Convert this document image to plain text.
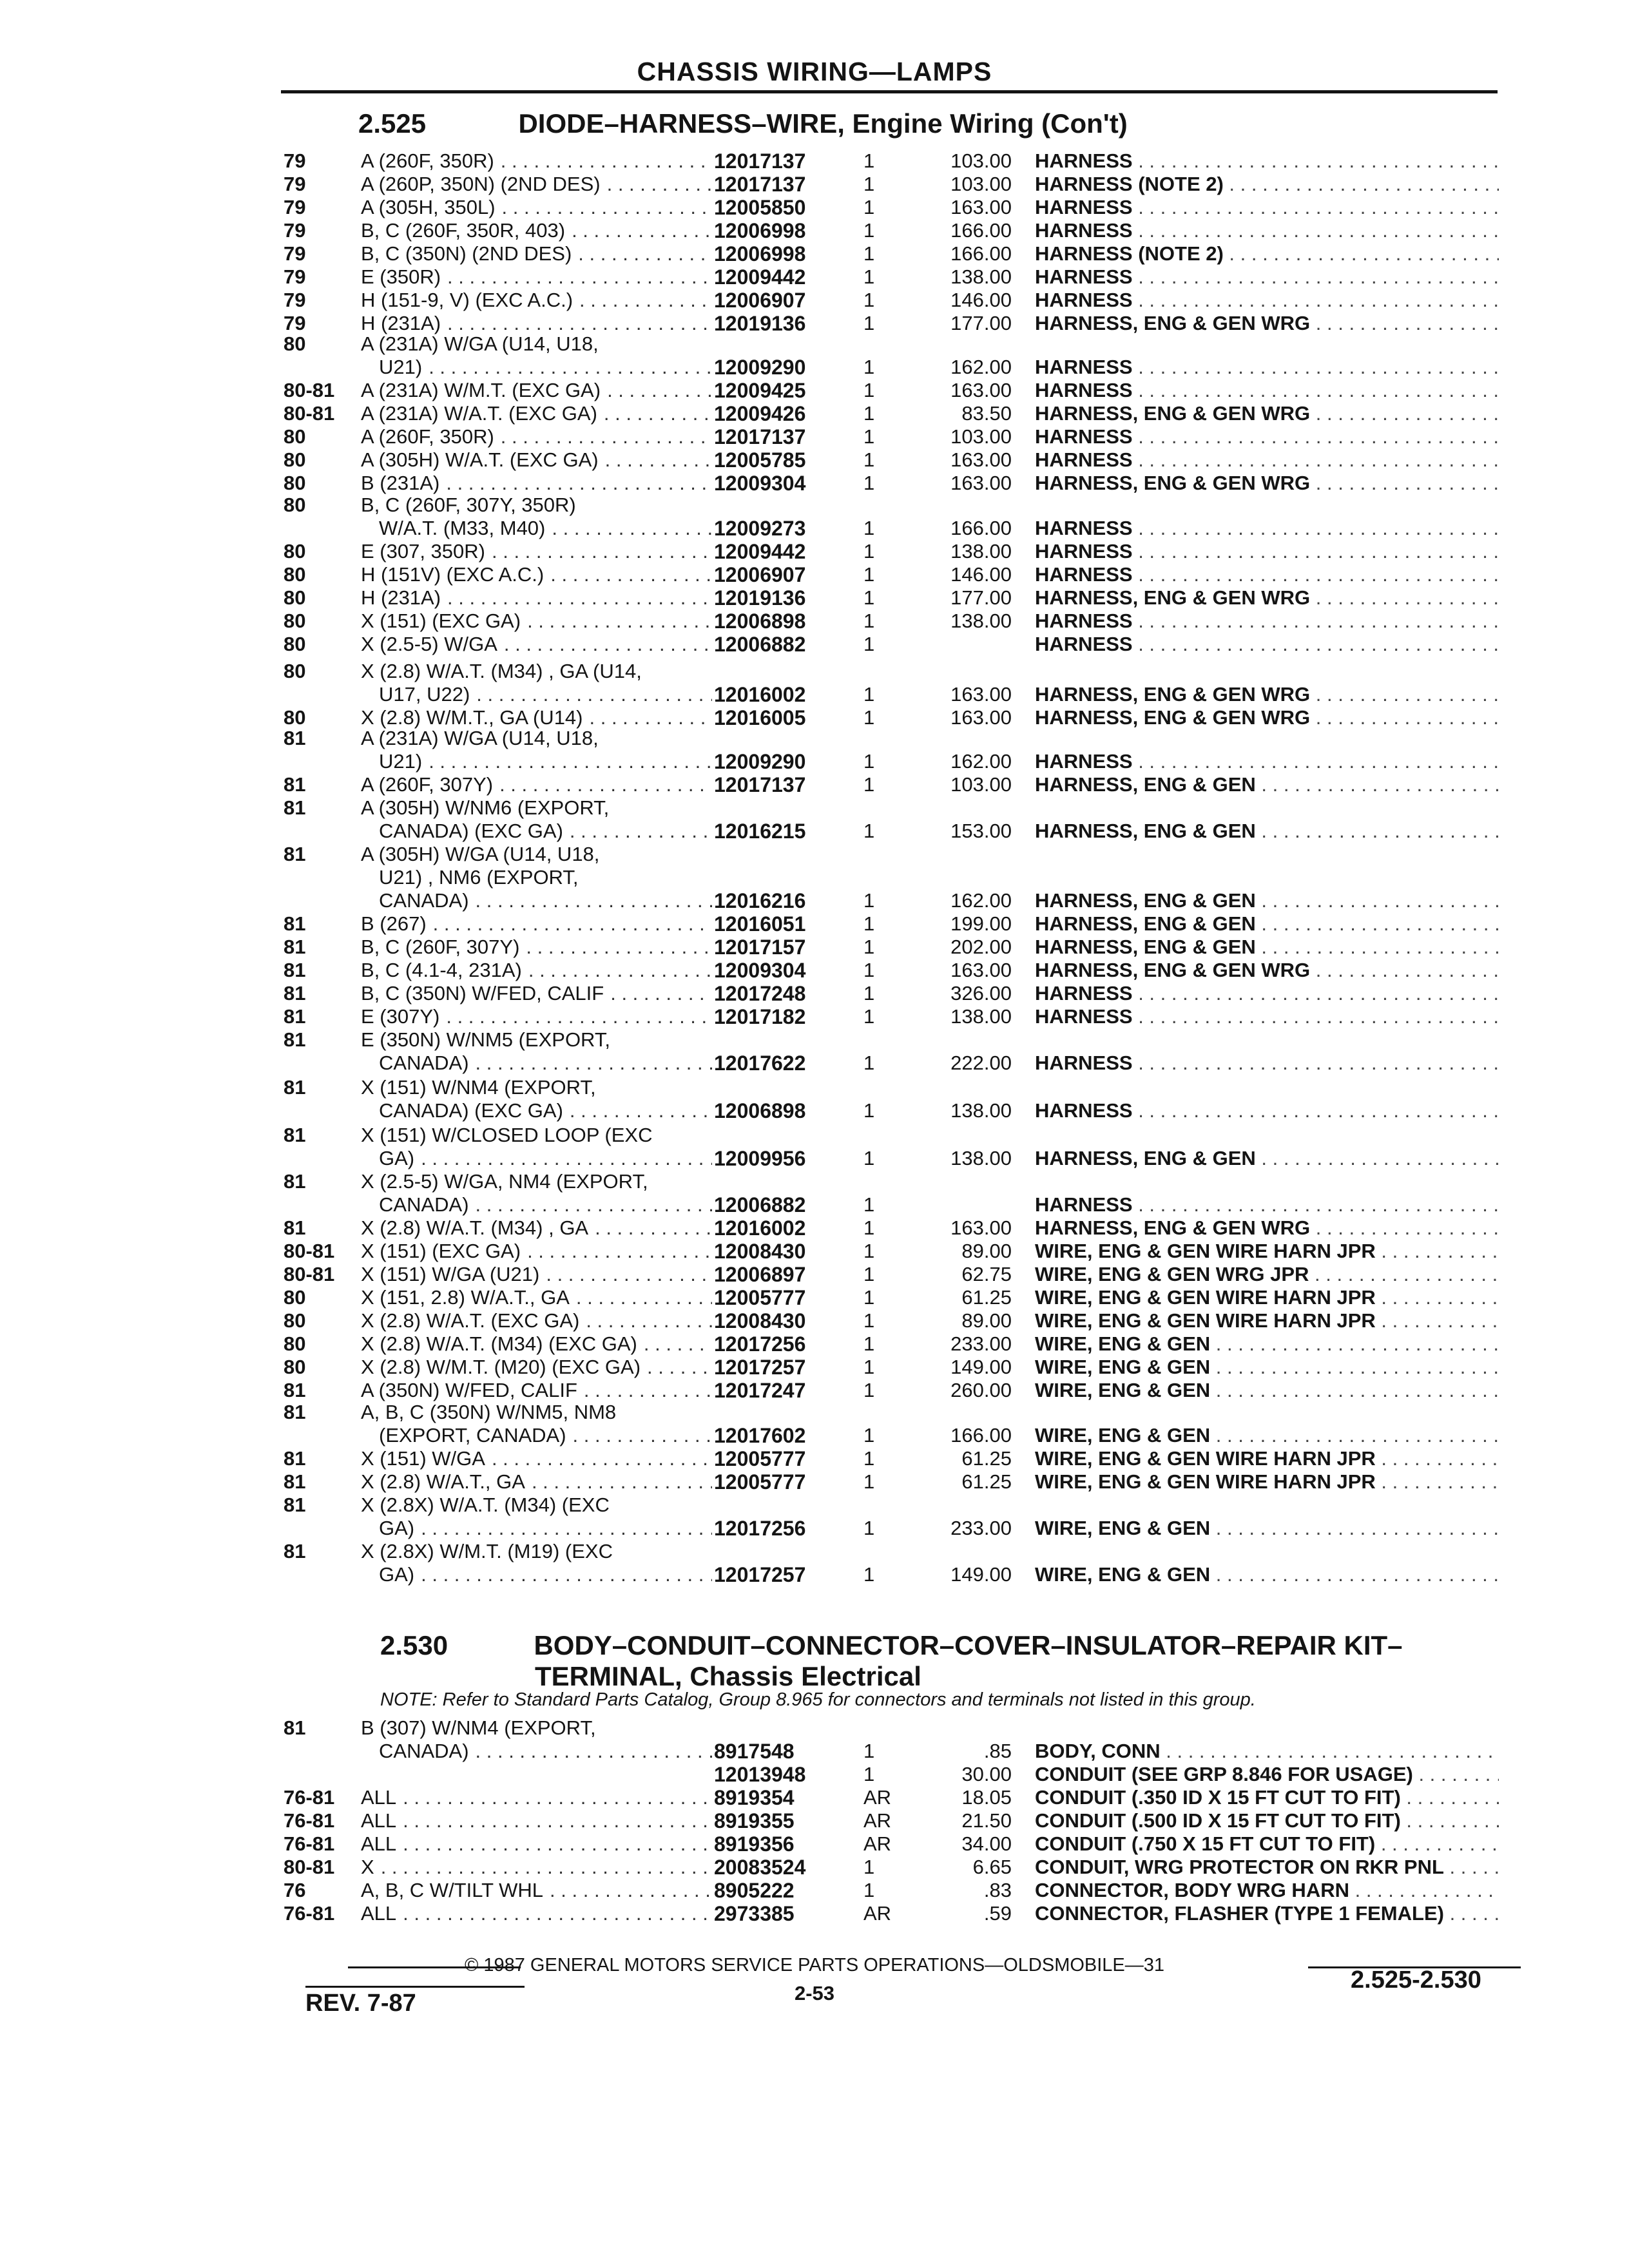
CHASSIS WIRING—LAMPS
2.525	DIODE–HARNESS–WIRE, Engine Wiring (Con't)
2.530	BODY–CONDUIT–CONNECTOR–COVER–INSULATOR–REPAIR KIT–
TERMINAL, Chassis Electrical
NOTE: Refer to Standard Parts Catalog, Group 8.965 for connectors and terminals not listed in this group.
79	A (260F, 350R) . . .	12017137	1	103.00 HARNESS . . .
79	A (260P, 350N) (2ND DES) . . .	12017137	1	103.00 HARNESS (NOTE 2) . . .
79	A (305H, 350L) . . .	12005850	1	163.00 HARNESS . . .
79	B, C (260F, 350R, 403) . . .	12006998	1	166.00 HARNESS . . .
79	B, C (350N) (2ND DES) . . .	12006998	1	166.00 HARNESS (NOTE 2) . . .
79	E (350R) . . .	12009442	1	138.00 HARNESS . . .
79	H (151-9, V) (EXC A.C.) . . .	12006907	1	146.00 HARNESS . . .
79	H (231A) . . .	12019136	1	177.00 HARNESS, ENG & GEN WRG . . .
80	A (231A) W/GA (U14, U18,
U21) . . .	12009290	1	162.00 HARNESS . . .
80-81 A (231A) W/M.T. (EXC GA) . . .	12009425	1	163.00 HARNESS . . .
80-81 A (231A) W/A.T. (EXC GA) . . .	12009426	1	83.50 HARNESS, ENG & GEN WRG . . .
80	A (260F, 350R) . . .	12017137	1	103.00 HARNESS . . .
80	A (305H) W/A.T. (EXC GA) . . .	12005785	1	163.00 HARNESS . . .
80	B (231A) . . .	12009304	1	163.00 HARNESS, ENG & GEN WRG . . .
80	B, C (260F, 307Y, 350R)
W/A.T. (M33, M40) . . .	12009273	1	166.00 HARNESS . . .
80	E (307, 350R) . . .	12009442	1	138.00 HARNESS . . .
80	H (151V) (EXC A.C.) . . .	12006907	1	146.00 HARNESS . . .
80	H (231A) . . .	12019136	1	177.00 HARNESS, ENG & GEN WRG . . .
80	X (151) (EXC GA) . . .	12006898	1	138.00 HARNESS . . .
80	X (2.5-5) W/GA . . .	12006882	1	HARNESS . . .
80	X (2.8) W/A.T. (M34) , GA (U14,
U17, U22) . . .	12016002	1	163.00 HARNESS, ENG & GEN WRG . . .
80	X (2.8) W/M.T., GA (U14) . . .	12016005	1	163.00 HARNESS, ENG & GEN WRG . . .
81	A (231A) W/GA (U14, U18,
U21) . . .	12009290	1	162.00 HARNESS . . .
81	A (260F, 307Y) . . .	12017137	1	103.00 HARNESS, ENG & GEN . . .
81	A (305H) W/NM6 (EXPORT,
CANADA) (EXC GA) . . .	12016215	1	153.00 HARNESS, ENG & GEN . . .
81	A (305H) W/GA (U14, U18,
U21) , NM6 (EXPORT,
CANADA) . . .	12016216	1	162.00 HARNESS, ENG & GEN . . .
81	B (267) . . .	12016051	1	199.00 HARNESS, ENG & GEN . . .
81	B, C (260F, 307Y) . . .	12017157	1	202.00 HARNESS, ENG & GEN . . .
81	B, C (4.1-4, 231A) . . .	12009304	1	163.00 HARNESS, ENG & GEN WRG . . .
81	B, C (350N) W/FED, CALIF . . .	12017248	1	326.00 HARNESS . . .
81	E (307Y) . . .	12017182	1	138.00 HARNESS . . .
81	E (350N) W/NM5 (EXPORT,
CANADA) . . .	12017622	1	222.00 HARNESS . . .
81	X (151) W/NM4 (EXPORT,
CANADA) (EXC GA) . . .	12006898	1	138.00 HARNESS . . .
81	X (151) W/CLOSED LOOP (EXC
GA) . . .	12009956	1	138.00 HARNESS, ENG & GEN . . .
81	X (2.5-5) W/GA, NM4 (EXPORT,
CANADA) . . .	12006882	1	HARNESS . . .
81	X (2.8) W/A.T. (M34) , GA . . .	12016002	1	163.00 HARNESS, ENG & GEN WRG . . .
80-81 X (151) (EXC GA) . . .	12008430	1	89.00 WIRE, ENG & GEN WIRE HARN JPR . . .
80-81 X (151) W/GA (U21) . . .	12006897	1	62.75 WIRE, ENG & GEN WRG JPR . . .
80	X (151, 2.8) W/A.T., GA . . .	12005777	1	61.25 WIRE, ENG & GEN WIRE HARN JPR . . .
80	X (2.8) W/A.T. (EXC GA) . . .	12008430	1	89.00 WIRE, ENG & GEN WIRE HARN JPR . . .
80	X (2.8) W/A.T. (M34) (EXC GA) . . .	12017256	1	233.00 WIRE, ENG & GEN . . .
80	X (2.8) W/M.T. (M20) (EXC GA) . . .	12017257	1	149.00 WIRE, ENG & GEN . . .
81	A (350N) W/FED, CALIF . . .	12017247	1	260.00 WIRE, ENG & GEN . . .
81	A, B, C (350N) W/NM5, NM8
(EXPORT, CANADA) . . .	12017602	1	166.00 WIRE, ENG & GEN . . .
81	X (151) W/GA . . .	12005777	1	61.25 WIRE, ENG & GEN WIRE HARN JPR . . .
81	X (2.8) W/A.T., GA . . .	12005777	1	61.25 WIRE, ENG & GEN WIRE HARN JPR . . .
81	X (2.8X) W/A.T. (M34) (EXC
GA) . . .	12017256	1	233.00 WIRE, ENG & GEN . . .
81	X (2.8X) W/M.T. (M19) (EXC
GA) . . .	12017257	1	149.00 WIRE, ENG & GEN . . .
81	B (307) W/NM4 (EXPORT,
CANADA) . . .	8917548	1	.85 BODY, CONN . . .
12013948	1	30.00 CONDUIT (SEE GRP 8.846 FOR USAGE) . . .
76-81 ALL . . .	8919354	AR	18.05 CONDUIT (.350 ID X 15 FT CUT TO FIT) . . .
76-81 ALL . . .	8919355	AR	21.50 CONDUIT (.500 ID X 15 FT CUT TO FIT) . . .
76-81 ALL . . .	8919356	AR	34.00 CONDUIT (.750 X 15 FT CUT TO FIT) . . .
80-81 X . . .	20083524	1	6.65 CONDUIT, WRG PROTECTOR ON RKR PNL . . .
76	A, B, C W/TILT WHL . . .	8905222	1	.83 CONNECTOR, BODY WRG HARN . . .
76-81 ALL . . .	2973385	AR	.59 CONNECTOR, FLASHER (TYPE 1 FEMALE) . . .
© 1987 GENERAL MOTORS SERVICE PARTS OPERATIONS—OLDSMOBILE—31
2-53
REV. 7-87
2.525-2.530
